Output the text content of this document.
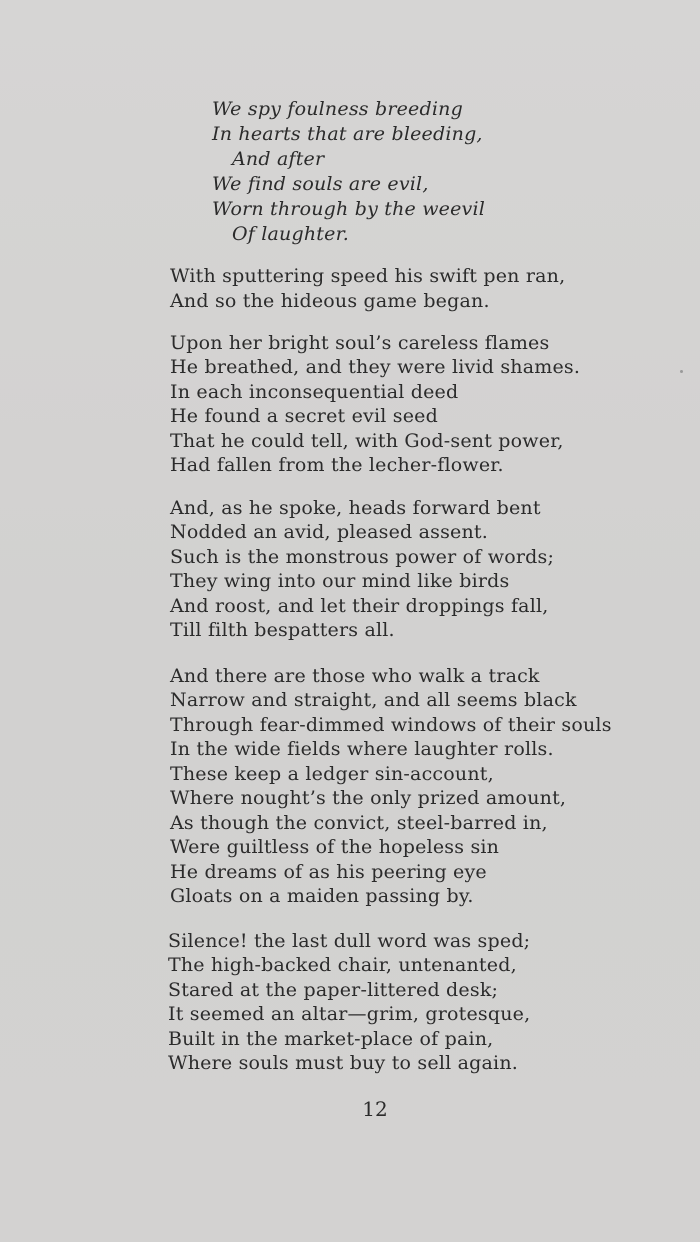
We spy foulness breeding
In hearts that are bleeding,
And after
We find souls are evil,
Worn through by the weevil
Of laughter.
With sputtering speed his swift pen ran,
And so the hideous game began.
Upon her bright soul’s careless flames
He breathed, and they were livid shames.
In each inconsequential deed
He found a secret evil seed
That he could tell, with God-sent power,
Had fallen from the lecher-flower.
And, as he spoke, heads forward bent
Nodded an avid, pleased assent.
Such is the monstrous power of words;
They wing into our mind like birds
And roost, and let their droppings fall,
Till filth bespatters all.
And there are those who walk a track
Narrow and straight, and all seems black
Through fear-dimmed windows of their souls
In the wide fields where laughter rolls.
These keep a ledger sin-account,
Where nought’s the only prized amount,
As though the convict, steel-barred in,
Were guiltless of the hopeless sin
He dreams of as his peering eye
Gloats on a maiden passing by.
Silence! the last dull word was sped;
The high-backed chair, untenanted,
Stared at the paper-littered desk;
It seemed an altar—grim, grotesque,
Built in the market-place of pain,
Where souls must buy to sell again.
12
